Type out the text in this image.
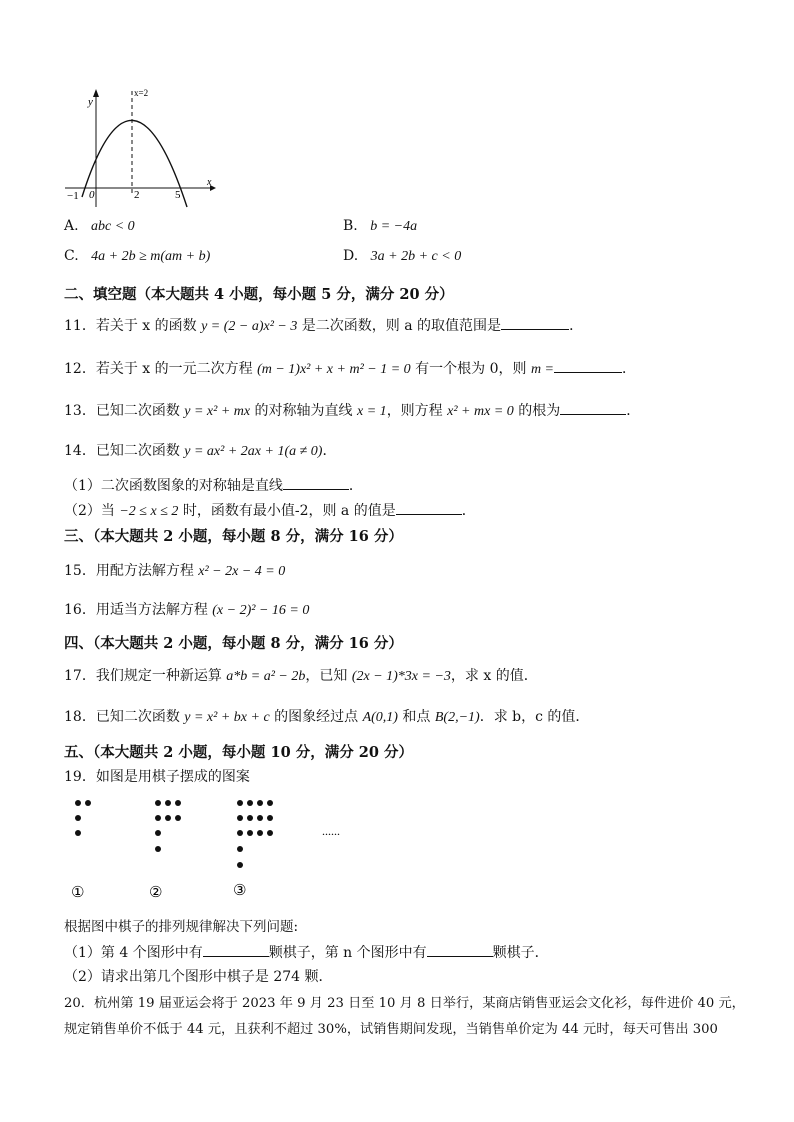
y
x
x=2
−1 0	2	5
A. abc < 0	B. b = −4a
C. 4a + 2b ≥ m(am + b)	D. 3a + 2b + c < 0
二、填空题（本大题共 4 小题，每小题 5 分，满分 20 分）
11．若关于 x 的函数 y = (2 − a)x² − 3 是二次函数，则 a 的取值范围是	．
12．若关于 x 的一元二次方程 (m − 1)x² + x + m² − 1 = 0 有一个根为 0，则 m =	．
13．已知二次函数 y = x² + mx 的对称轴为直线 x = 1，则方程 x² + mx = 0 的根为	．
14．已知二次函数 y = ax² + 2ax + 1(a ≠ 0)．
（1）二次函数图象的对称轴是直线	．
（2）当 −2 ≤ x ≤ 2 时，函数有最小值-2，则 a 的值是	．
三、（本大题共 2 小题，每小题 8 分，满分 16 分）
15．用配方法解方程 x² − 2x − 4 = 0
16．用适当方法解方程 (x − 2)² − 16 = 0
四、（本大题共 2 小题，每小题 8 分，满分 16 分）
17．我们规定一种新运算 a*b = a² − 2b，已知 (2x − 1)*3x = −3，求 x 的值．
18．已知二次函数 y = x² + bx + c 的图象经过点 A(0,1) 和点 B(2,−1)．求 b，c 的值．
五、（本大题共 2 小题，每小题 10 分，满分 20 分）
19．如图是用棋子摆成的图案
......
①	②	③
根据图中棋子的排列规律解决下列问题:
（1）第 4 个图形中有	颗棋子，第 n 个图形中有	颗棋子．
（2）请求出第几个图形中棋子是 274 颗．
20．杭州第 19 届亚运会将于 2023 年 9 月 23 日至 10 月 8 日举行，某商店销售亚运会文化衫，每件进价 40 元，
规定销售单价不低于 44 元，且获利不超过 30%，试销售期间发现，当销售单价定为 44 元时，每天可售出 300
